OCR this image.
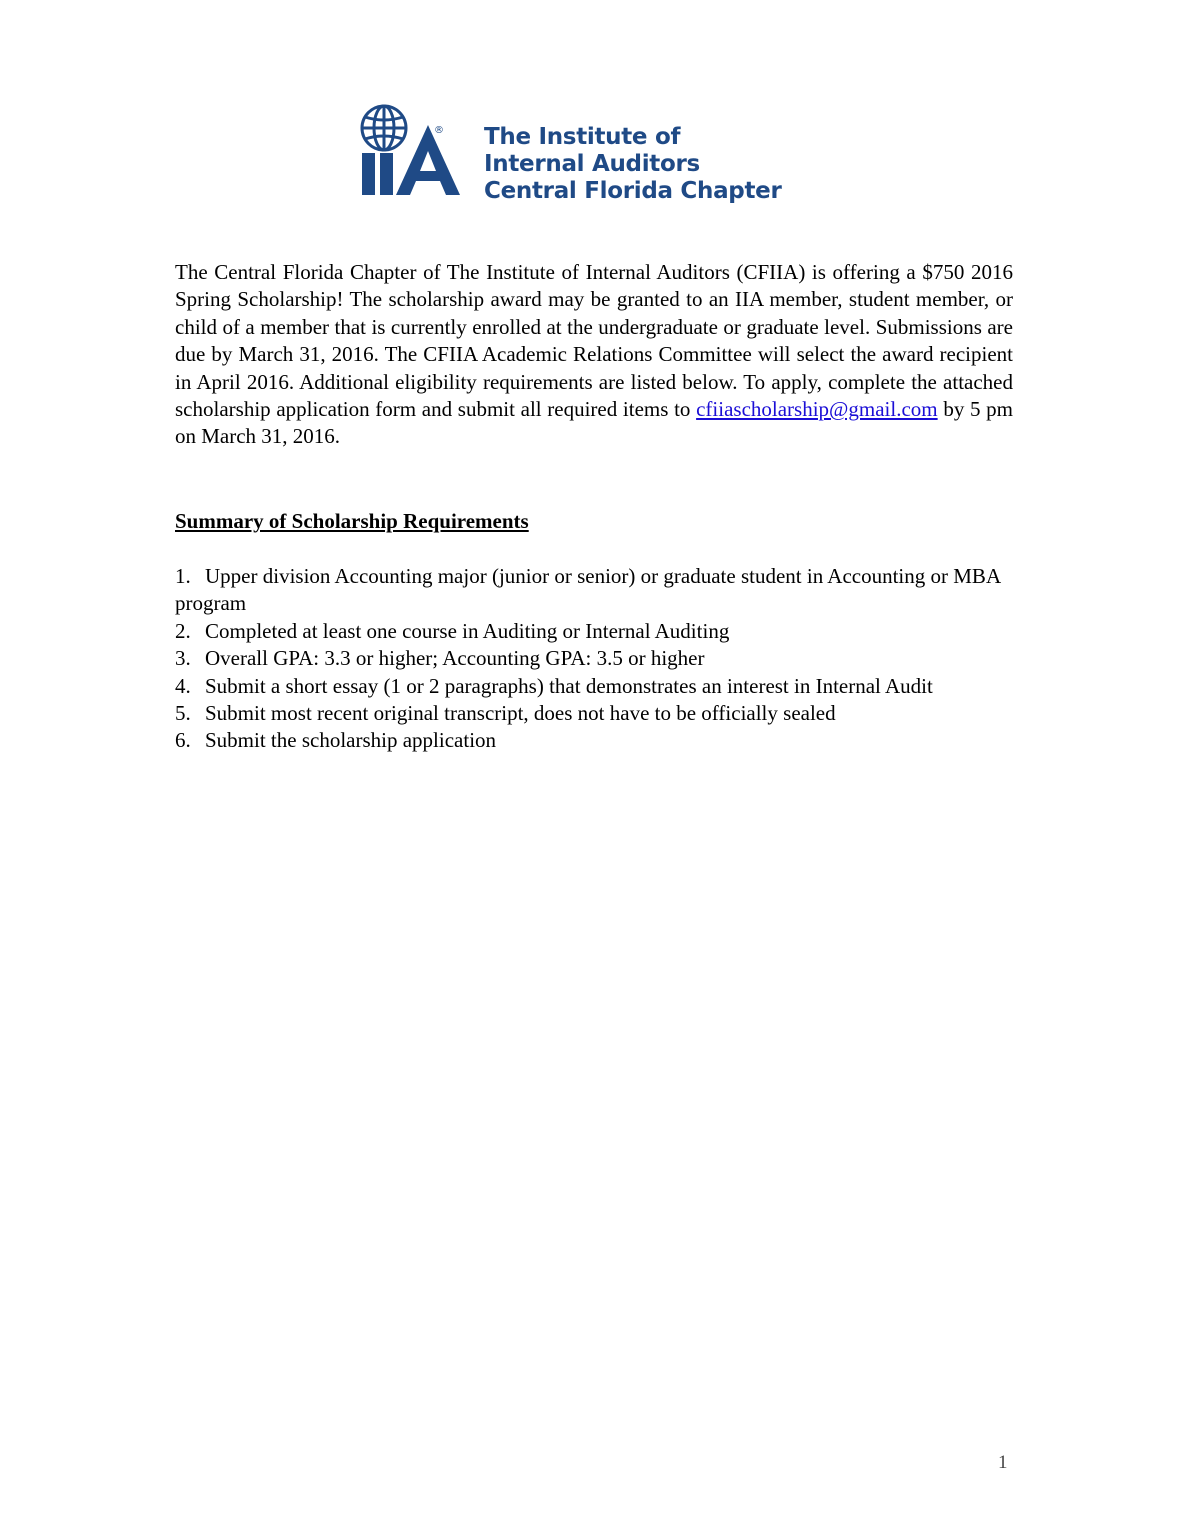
® The Institute of
Internal Auditors
Central Florida Chapter

The Central Florida Chapter of The Institute of Internal Auditors (CFIIA) is offering a $750 2016 Spring Scholarship! The scholarship award may be granted to an IIA member, student member, or child of a member that is currently enrolled at the undergraduate or graduate level. Submissions are due by March 31, 2016. The CFIIA Academic Relations Committee will select the award recipient in April 2016. Additional eligibility requirements are listed below. To apply, complete the attached scholarship application form and submit all required items to cfiiascholarship@gmail.com by 5 pm on March 31, 2016.

Summary of Scholarship Requirements
1. Upper division Accounting major (junior or senior) or graduate student in Accounting or MBA program
2. Completed at least one course in Auditing or Internal Auditing
3. Overall GPA: 3.3 or higher; Accounting GPA: 3.5 or higher
4. Submit a short essay (1 or 2 paragraphs) that demonstrates an interest in Internal Audit
5. Submit most recent original transcript, does not have to be officially sealed
6. Submit the scholarship application
1
